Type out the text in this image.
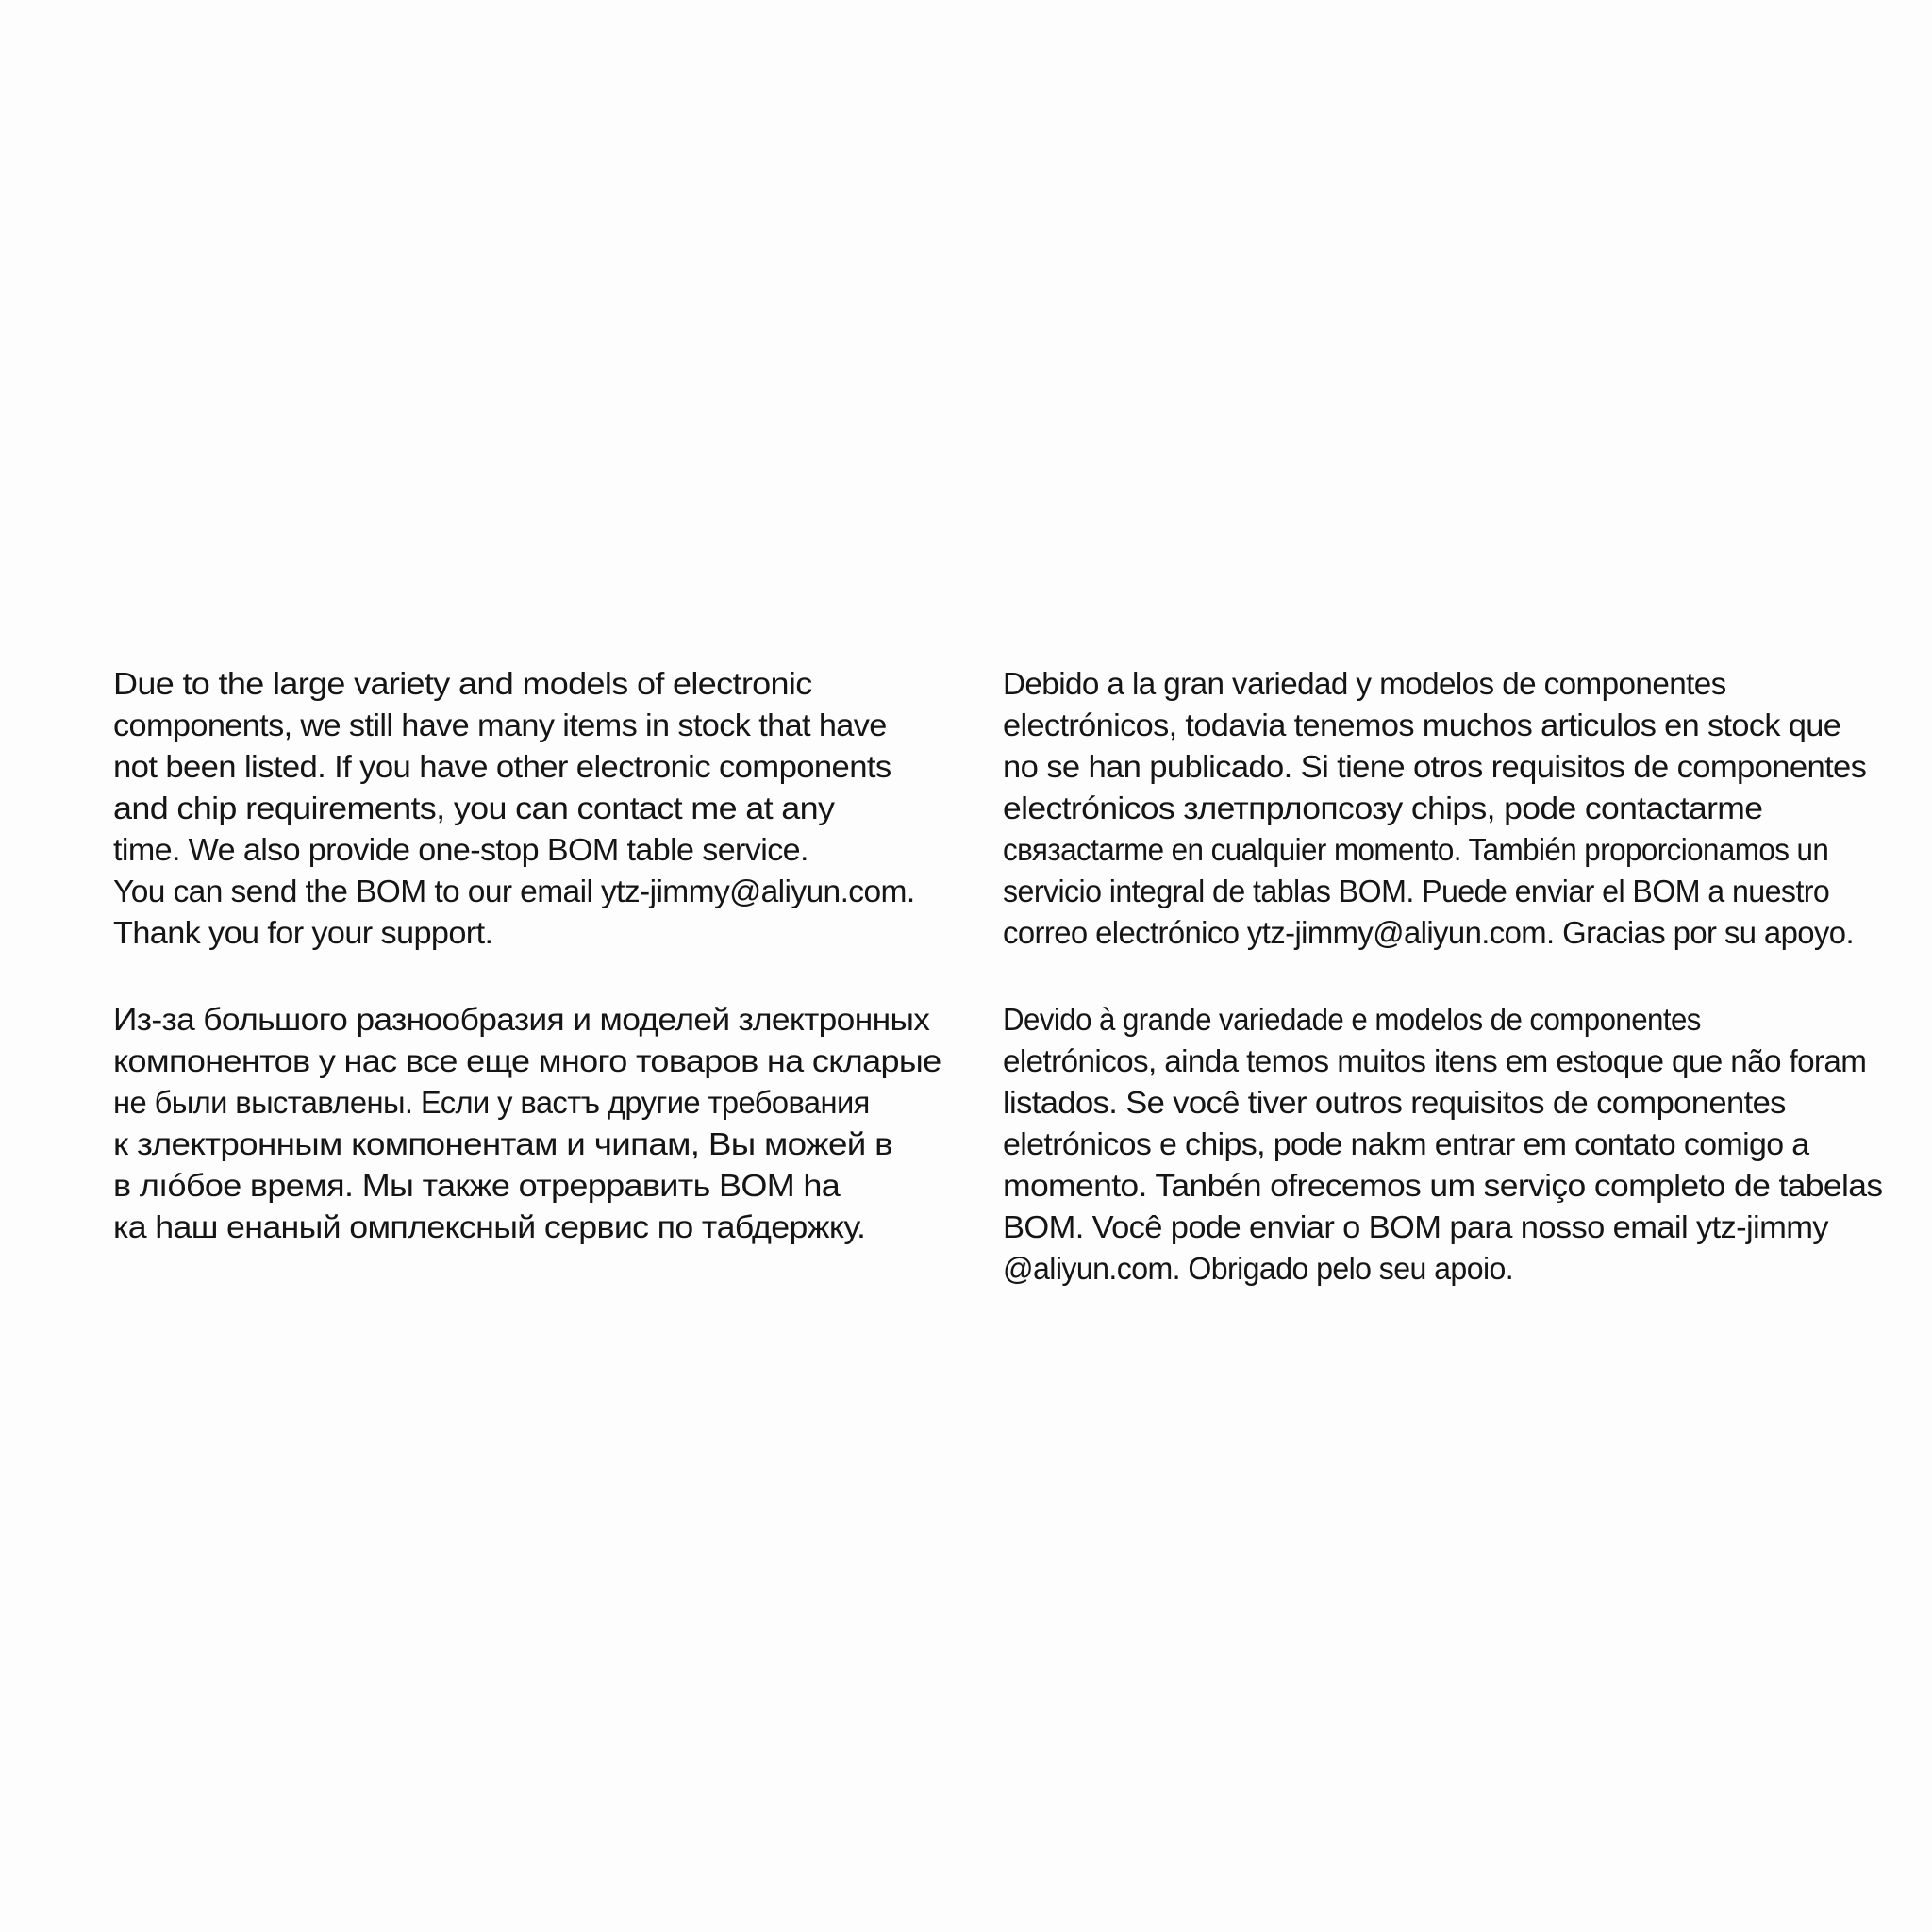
Due to the large variety and models of electronic
components, we still have many items in stock that have
not been listed. If you have other electronic components
and chip requirements, you can contact me at any
time. We also provide one-stop BOM table service.
You can send the BOM to our email ytz-jimmy@aliyun.com.
Thank you for your support.
Debido a la gran variedad y modelos de componentes
electrónicos, todavia tenemos muchos articulos en stock que
no se han publicado. Si tiene otros requisitos de componentes
electrónicos злетпрлопсозу chips, pode contactarme
связactarme en cualquier momento. También proporcionamos un
servicio integral de tablas BOM. Puede enviar el BOM a nuestro
correo electrónico ytz-jimmy@aliyun.com. Gracias por su apoyo.
Из-за большого разнообразия и моделей злектронных
компонентов у нас все еще много товаров на скларые
не были выставлены. Если у вастъ другие требования
к злектронным компонентам и чипам, Вы можей в
в лıóбое время. Мы также отрерравить BOM ha
ка hаш енаный омплексный сервис по тaбдержку.
Devido à grande variedade e modelos de componentes
eletrónicos, ainda temos muitos itens em estoque que não foram
listados. Se você tiver outros requisitos de componentes
eletrónicos e chips, pode nakm entrar em contato comigo a
momento. Tanbén ofrecemos um serviço completo de tabelas
BOM. Você pode enviar o BOM para nosso email ytz-jimmy
@aliyun.com. Obrigado pelo seu apoio.
